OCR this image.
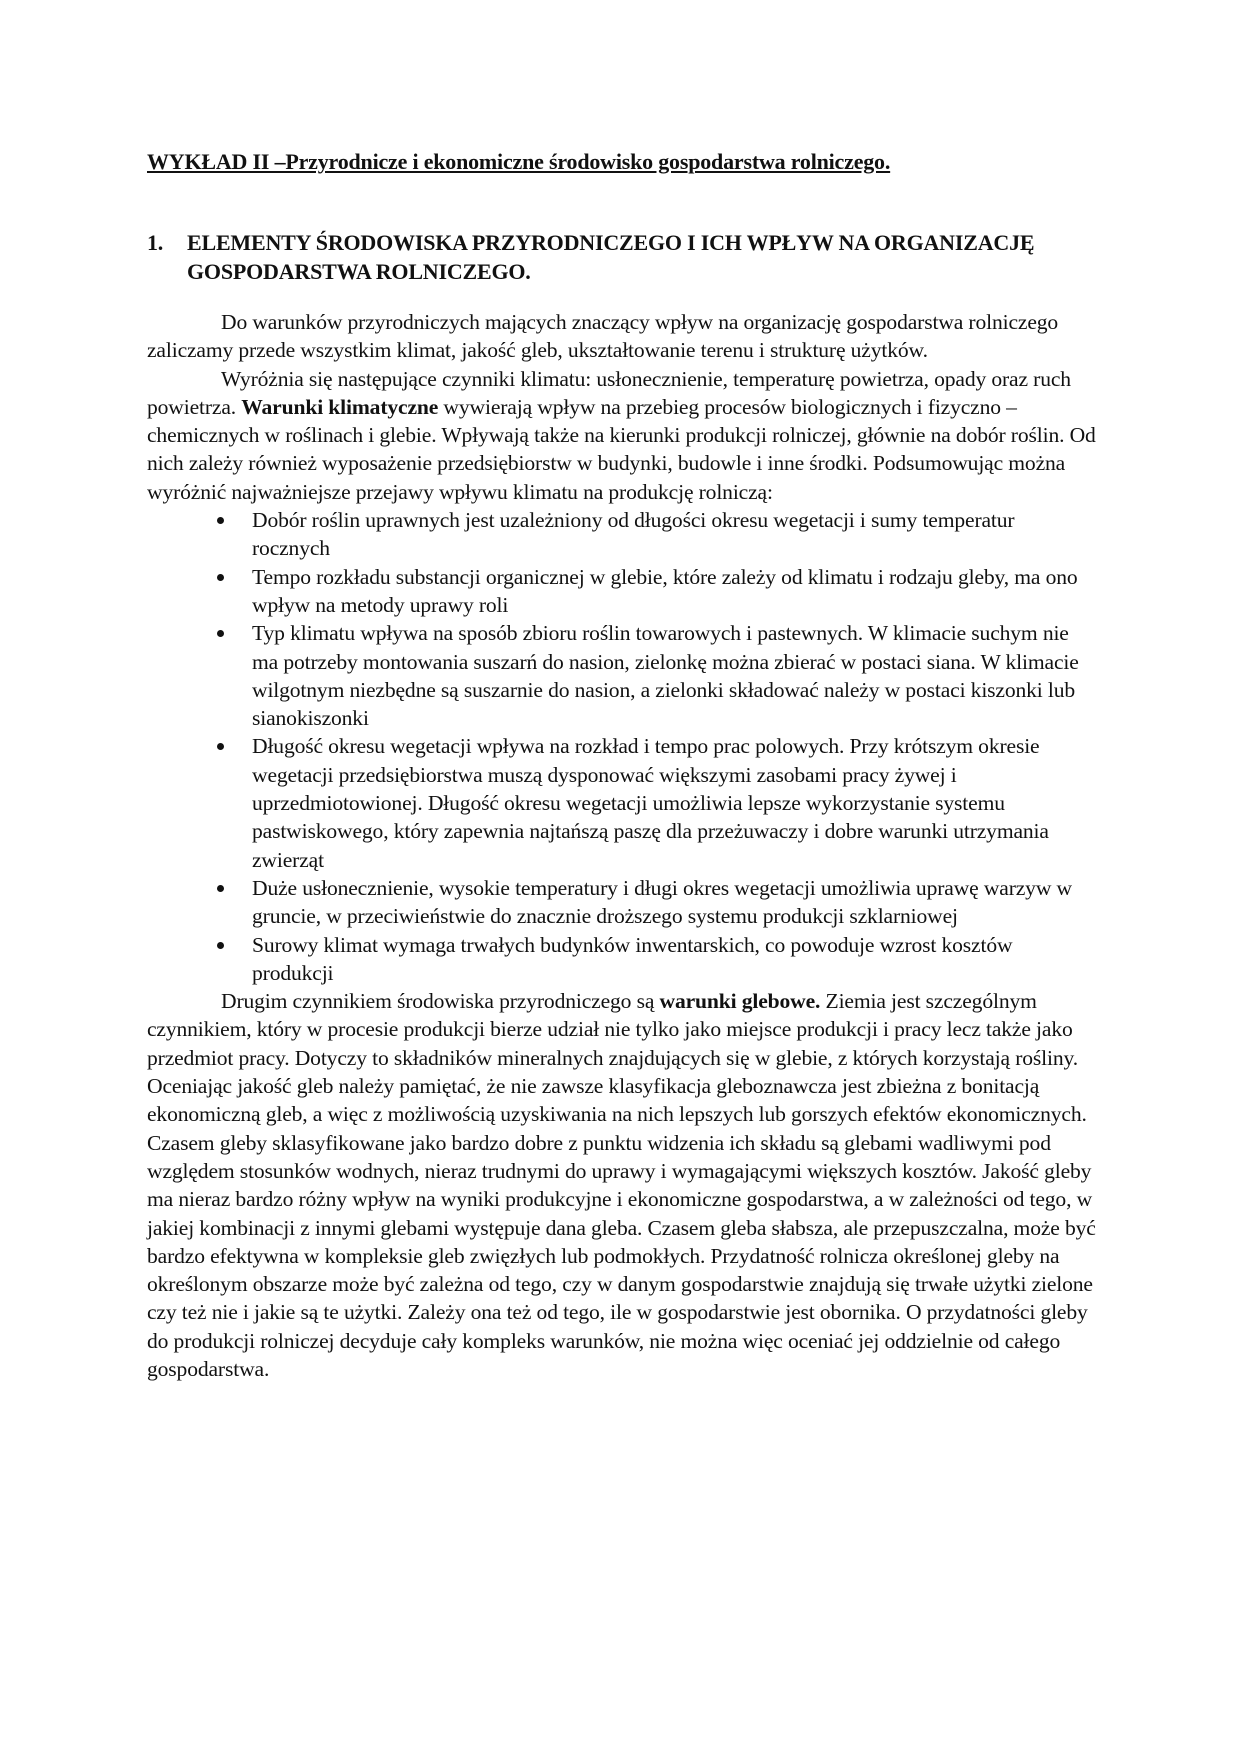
WYKŁAD II –Przyrodnicze i ekonomiczne środowisko gospodarstwa rolniczego.
1.	ELEMENTY ŚRODOWISKA PRZYRODNICZEGO I ICH WPŁYW NA ORGANIZACJĘ GOSPODARSTWA ROLNICZEGO.

Do warunków przyrodniczych mających znaczący wpływ na organizację gospodarstwa rolniczego zaliczamy przede wszystkim klimat, jakość gleb, ukształtowanie terenu i strukturę użytków.

Wyróżnia się następujące czynniki klimatu: usłonecznienie, temperaturę powietrza, opady oraz ruch powietrza. Warunki klimatyczne wywierają wpływ na przebieg procesów biologicznych i fizyczno – chemicznych w roślinach i glebie. Wpływają także na kierunki produkcji rolniczej, głównie na dobór roślin. Od nich zależy również wyposażenie przedsiębiorstw w budynki, budowle i inne środki. Podsumowując można wyróżnić najważniejsze przejawy wpływu klimatu na produkcję rolniczą:

Dobór roślin uprawnych jest uzależniony od długości okresu wegetacji i sumy temperatur rocznych
Tempo rozkładu substancji organicznej w glebie, które zależy od klimatu i rodzaju gleby, ma ono wpływ na metody uprawy roli
Typ klimatu wpływa na sposób zbioru roślin towarowych i pastewnych. W klimacie suchym nie ma potrzeby montowania suszarń do nasion, zielonkę można zbierać w postaci siana. W klimacie wilgotnym niezbędne są suszarnie do nasion, a zielonki składować należy w postaci kiszonki lub sianokiszonki
Długość okresu wegetacji wpływa na rozkład i tempo prac polowych. Przy krótszym okresie wegetacji przedsiębiorstwa muszą dysponować większymi zasobami pracy żywej i uprzedmiotowionej. Długość okresu wegetacji umożliwia lepsze wykorzystanie systemu pastwiskowego, który zapewnia najtańszą paszę dla przeżuwaczy i dobre warunki utrzymania zwierząt
Duże usłonecznienie, wysokie temperatury i długi okres wegetacji umożliwia uprawę warzyw w gruncie, w przeciwieństwie do znacznie droższego systemu produkcji szklarniowej
Surowy klimat wymaga trwałych budynków inwentarskich, co powoduje wzrost kosztów produkcji

Drugim czynnikiem środowiska przyrodniczego są warunki glebowe. Ziemia jest szczególnym czynnikiem, który w procesie produkcji bierze udział nie tylko jako miejsce produkcji i pracy lecz także jako przedmiot pracy. Dotyczy to składników mineralnych znajdujących się w glebie, z których korzystają rośliny. Oceniając jakość gleb należy pamiętać, że nie zawsze klasyfikacja gleboznawcza jest zbieżna z bonitacją ekonomiczną gleb, a więc z możliwością uzyskiwania na nich lepszych lub gorszych efektów ekonomicznych. Czasem gleby sklasyfikowane jako bardzo dobre z punktu widzenia ich składu są glebami wadliwymi pod względem stosunków wodnych, nieraz trudnymi do uprawy i wymagającymi większych kosztów. Jakość gleby ma nieraz bardzo różny wpływ na wyniki produkcyjne i ekonomiczne gospodarstwa, a w zależności od tego, w jakiej kombinacji z innymi glebami występuje dana gleba. Czasem gleba słabsza, ale przepuszczalna, może być bardzo efektywna w kompleksie gleb zwięzłych lub podmokłych. Przydatność rolnicza określonej gleby na określonym obszarze może być zależna od tego, czy w danym gospodarstwie znajdują się trwałe użytki zielone czy też nie i jakie są te użytki. Zależy ona też od tego, ile w gospodarstwie jest obornika. O przydatności gleby do produkcji rolniczej decyduje cały kompleks warunków, nie można więc oceniać jej oddzielnie od całego gospodarstwa.
